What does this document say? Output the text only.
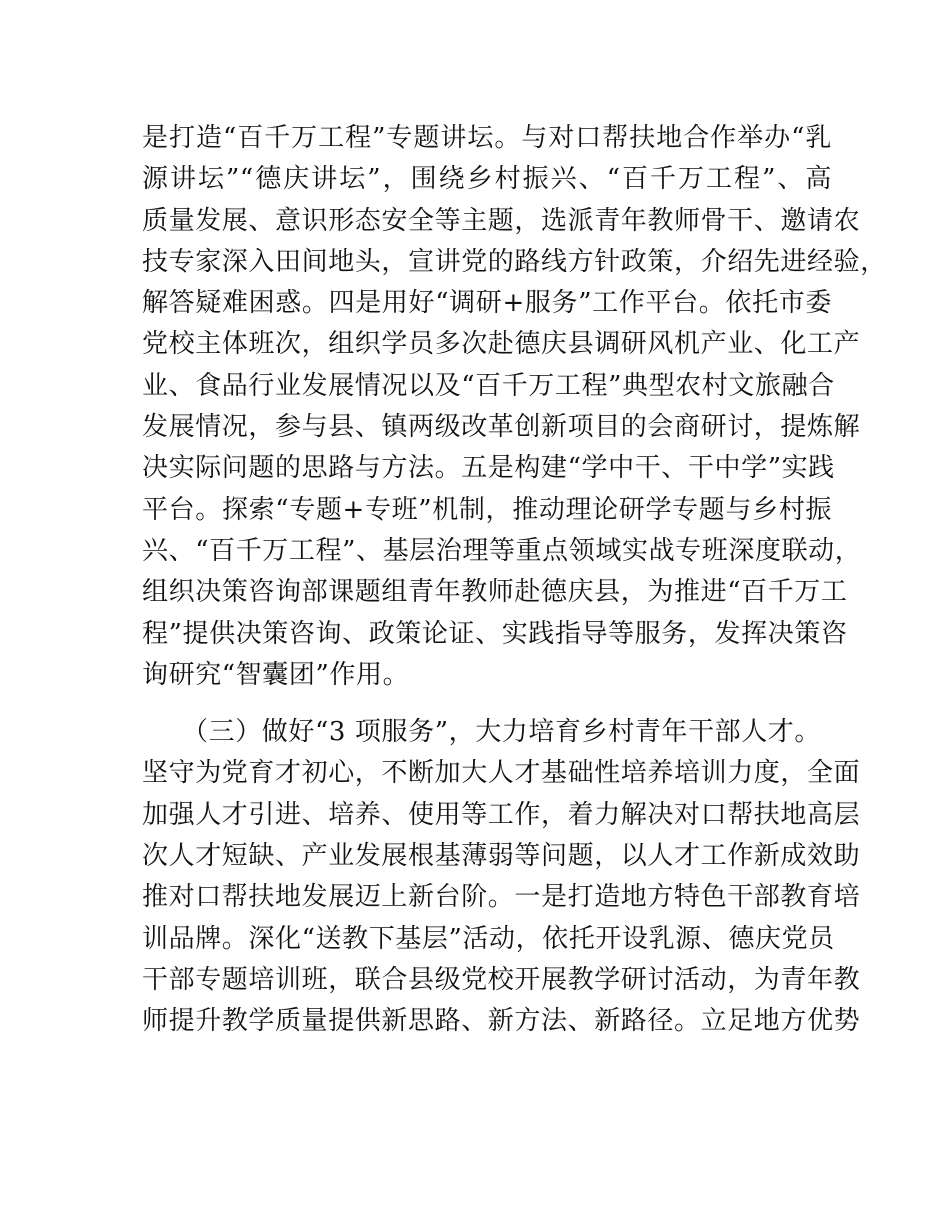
是打造“百千万工程”专题讲坛。与对口帮扶地合作举办“乳
源讲坛”“德庆讲坛”，围绕乡村振兴、“百千万工程”、高
质量发展、意识形态安全等主题，选派青年教师骨干、邀请农
技专家深入田间地头，宣讲党的路线方针政策，介绍先进经验，
解答疑难困惑。四是用好“调研+服务”工作平台。依托市委
党校主体班次，组织学员多次赴德庆县调研风机产业、化工产
业、食品行业发展情况以及“百千万工程”典型农村文旅融合
发展情况，参与县、镇两级改革创新项目的会商研讨，提炼解
决实际问题的思路与方法。五是构建“学中干、干中学”实践
平台。探索“专题+专班”机制，推动理论研学专题与乡村振
兴、“百千万工程”、基层治理等重点领域实战专班深度联动，
组织决策咨询部课题组青年教师赴德庆县，为推进“百千万工
程”提供决策咨询、政策论证、实践指导等服务，发挥决策咨
询研究“智囊团”作用。
（三）做好“3 项服务”，大力培育乡村青年干部人才。
坚守为党育才初心，不断加大人才基础性培养培训力度，全面
加强人才引进、培养、使用等工作，着力解决对口帮扶地高层
次人才短缺、产业发展根基薄弱等问题，以人才工作新成效助
推对口帮扶地发展迈上新台阶。一是打造地方特色干部教育培
训品牌。深化“送教下基层”活动，依托开设乳源、德庆党员
干部专题培训班，联合县级党校开展教学研讨活动，为青年教
师提升教学质量提供新思路、新方法、新路径。立足地方优势
